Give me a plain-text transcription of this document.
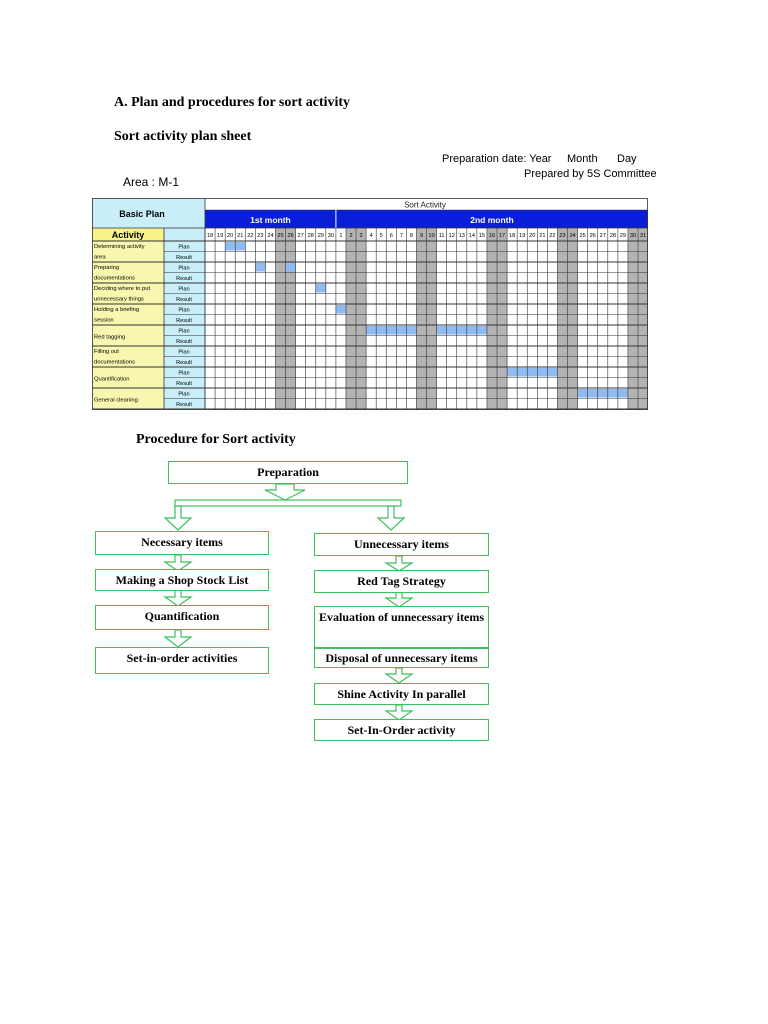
A. Plan and procedures for sort activity
Sort activity plan sheet
Preparation date: Year Month Day
Prepared by 5S Committee
Area : M-1
Basic Plan
Activity
Sort Activity
1st month	2nd month
18 19 20 21 22 23 24 25 26 27 28 29 30 1 2 3 4 5 6 7 8 9 10 11 12 13 14 15 16 17 18 19 20 21 22 23 24 25 26 27 28 29 30 31
Determining activity
area
Plan
Result
Preparing
documentations
Plan
Result
Deciding where to put
unnecessary things
Plan
Result
Holding a briefing
session
Plan
Result
Red tagging
Plan
Result
Filling out
documentations
Plan
Result
Quantification
Plan
Result
General cleaning
Plan
Result
Procedure for Sort activity
Preparation
Necessary items
Making a Shop Stock List
Quantification
Set-in-order activities
Unnecessary items
Red Tag Strategy
Evaluation of unnecessary items
Disposal of unnecessary items
Shine Activity In parallel
Set-In-Order activity
